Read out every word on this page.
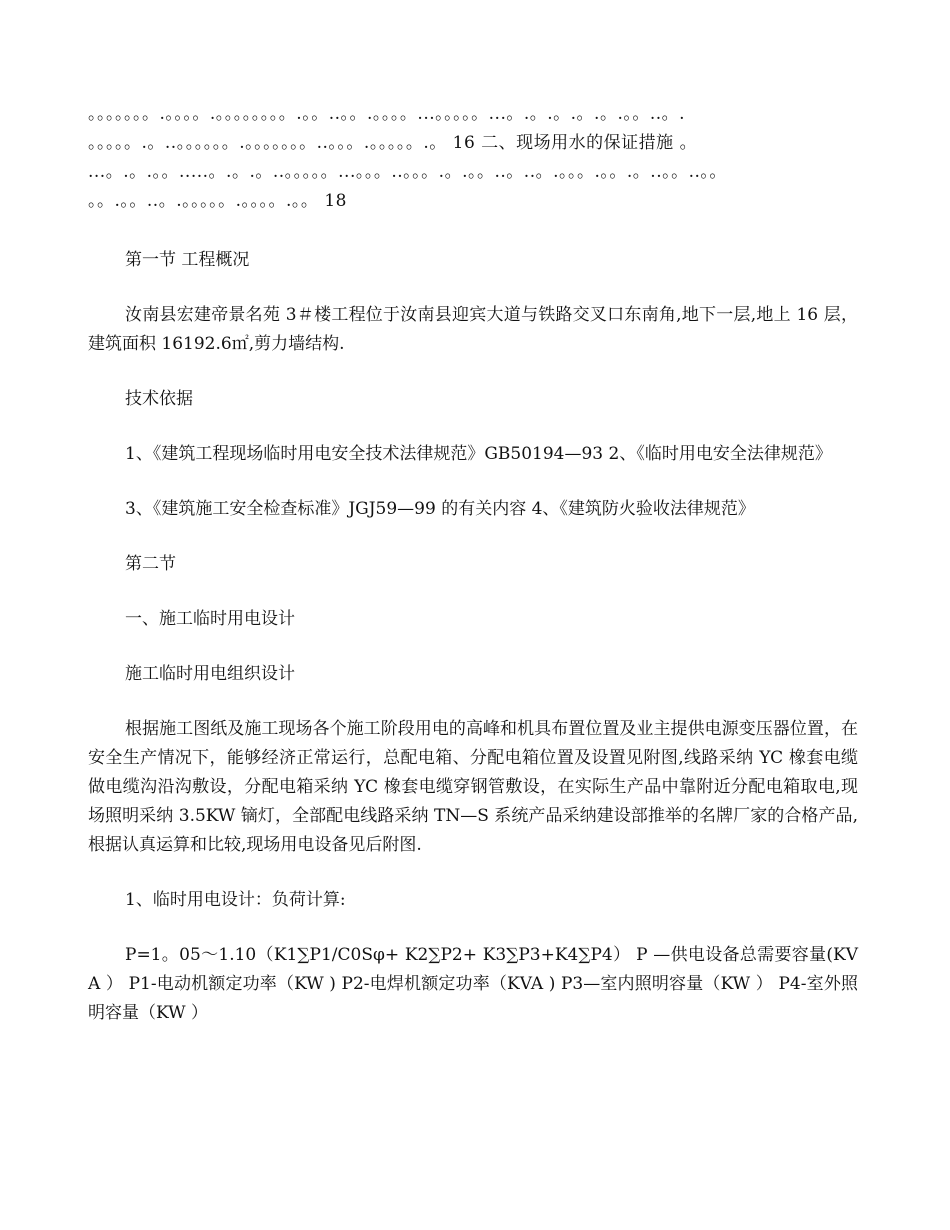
。。。。。。。.。。。。.。。。。。。。。.。。..。。.。。。。...。。。。。...。.。.。.。.。.。。..。.

。。。。。.。..。。。。。。.。。。。。。。..。。。.。。。。。.。 16 二、现场用水的保证措施 。

...。.。.。。.....。.。.。..。。。。。...。。。..。。。.。.。。..。..。.。。。.。。.。..。。..。。

。。.。。..。.。。。。。.。。。。.。。 18

第一节 工程概况

汝南县宏建帝景名苑 3＃楼工程位于汝南县迎宾大道与铁路交叉口东南角,地下一层,地上 16 层，建筑面积 16192.6㎡,剪力墙结构.

技术依据

1、《建筑工程现场临时用电安全技术法律规范》GB50194—93 2、《临时用电安全法律规范》

3、《建筑施工安全检查标准》JGJ59—99 的有关内容 4、《建筑防火验收法律规范》

第二节

一、施工临时用电设计

施工临时用电组织设计

根据施工图纸及施工现场各个施工阶段用电的高峰和机具布置位置及业主提供电源变压器位置，在安全生产情况下，能够经济正常运行，总配电箱、分配电箱位置及设置见附图,线路采纳 YC 橡套电缆做电缆沟沿沟敷设，分配电箱采纳 YC 橡套电缆穿钢管敷设，在实际生产品中靠附近分配电箱取电,现场照明采纳 3.5KW 镝灯，全部配电线路采纳 TN—S 系统产品采纳建设部推举的名牌厂家的合格产品,根据认真运算和比较,现场用电设备见后附图.

1、临时用电设计：负荷计算:

P=1。05～1.10（K1∑P1/C0Sφ+ K2∑P2+ K3∑P3+K4∑P4） P —供电设备总需要容量(KVA ） P1-电动机额定功率（KW ) P2-电焊机额定功率（KVA ) P3—室内照明容量（KW ） P4-室外照明容量（KW ）
